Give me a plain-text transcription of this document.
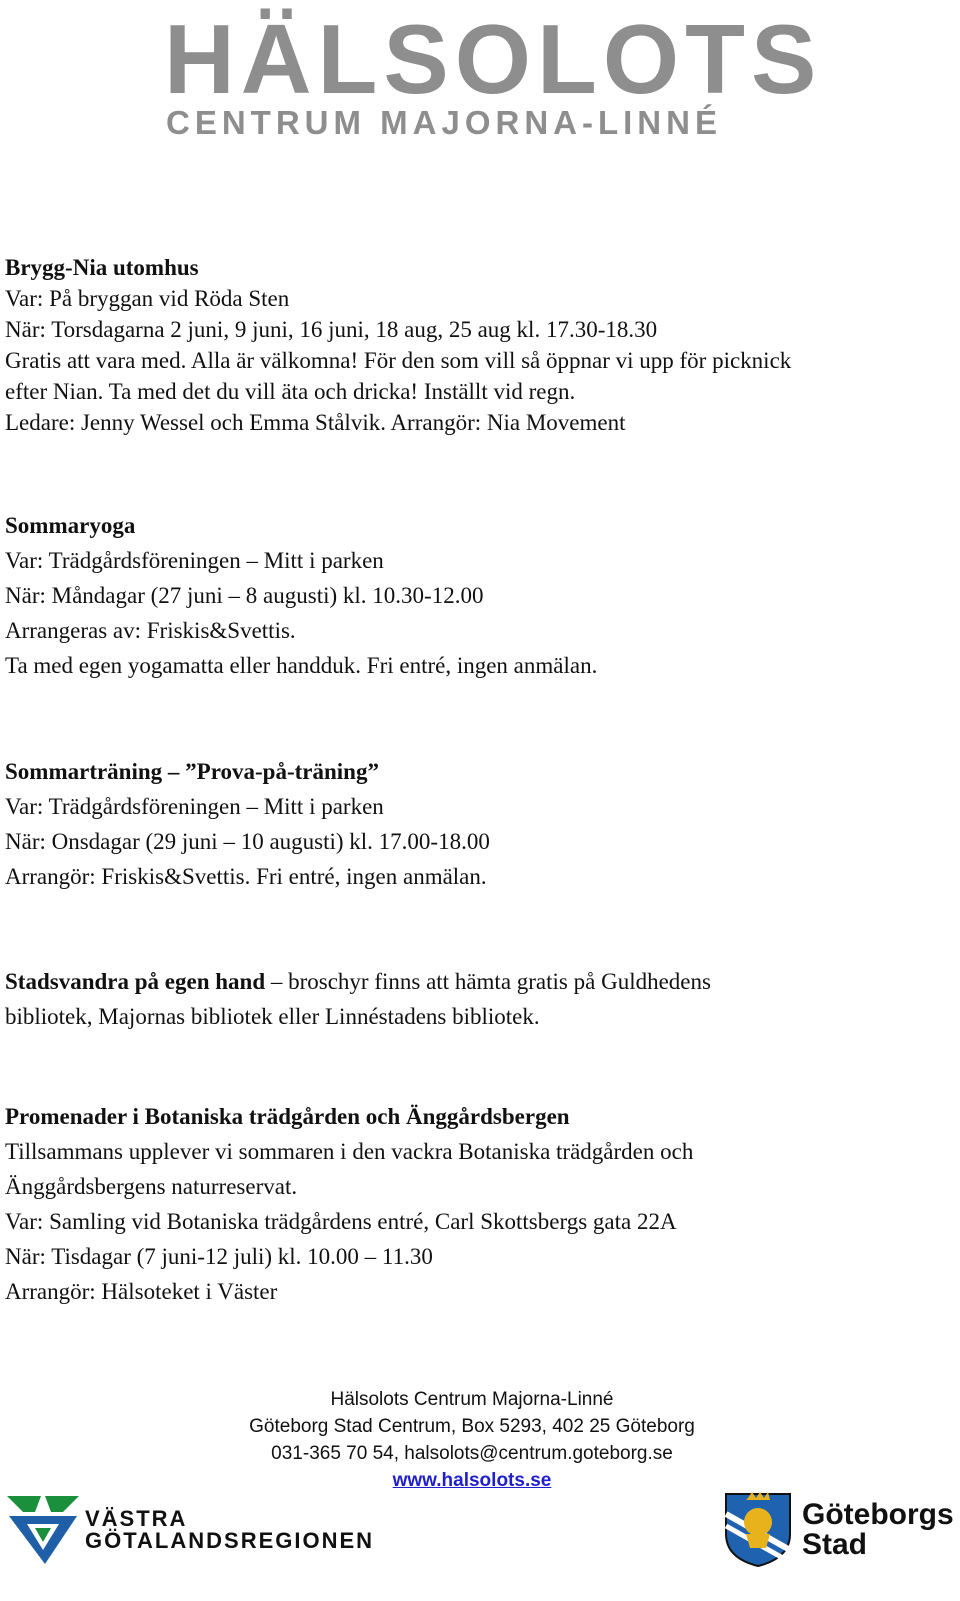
HÄLSOLOTS
CENTRUM MAJORNA-LINNÉ
Brygg-Nia utomhus
Var: På bryggan vid Röda Sten
När: Torsdagarna 2 juni, 9 juni, 16 juni, 18 aug, 25 aug kl. 17.30-18.30
Gratis att vara med. Alla är välkomna! För den som vill så öppnar vi upp för picknick
efter Nian. Ta med det du vill äta och dricka! Inställt vid regn.
Ledare: Jenny Wessel och Emma Stålvik. Arrangör: Nia Movement
Sommaryoga
Var: Trädgårdsföreningen – Mitt i parken
När: Måndagar (27 juni – 8 augusti) kl. 10.30-12.00
Arrangeras av: Friskis&Svettis.
Ta med egen yogamatta eller handduk. Fri entré, ingen anmälan.
Sommarträning – ”Prova-på-träning”
Var: Trädgårdsföreningen – Mitt i parken
När: Onsdagar (29 juni – 10 augusti) kl. 17.00-18.00
Arrangör: Friskis&Svettis. Fri entré, ingen anmälan.
Stadsvandra på egen hand – broschyr finns att hämta gratis på Guldhedens
bibliotek, Majornas bibliotek eller Linnéstadens bibliotek.
Promenader i Botaniska trädgården och Änggårdsbergen
Tillsammans upplever vi sommaren i den vackra Botaniska trädgården och
Änggårdsbergens naturreservat.
Var: Samling vid Botaniska trädgårdens entré, Carl Skottsbergs gata 22A
När: Tisdagar (7 juni-12 juli) kl. 10.00 – 11.30
Arrangör: Hälsoteket i Väster
Hälsolots Centrum Majorna-Linné
Göteborg Stad Centrum, Box 5293, 402 25 Göteborg
031-365 70 54, halsolots@centrum.goteborg.se
www.halsolots.se
VÄSTRA
GÖTALANDSREGIONEN
Göteborgs
Stad
